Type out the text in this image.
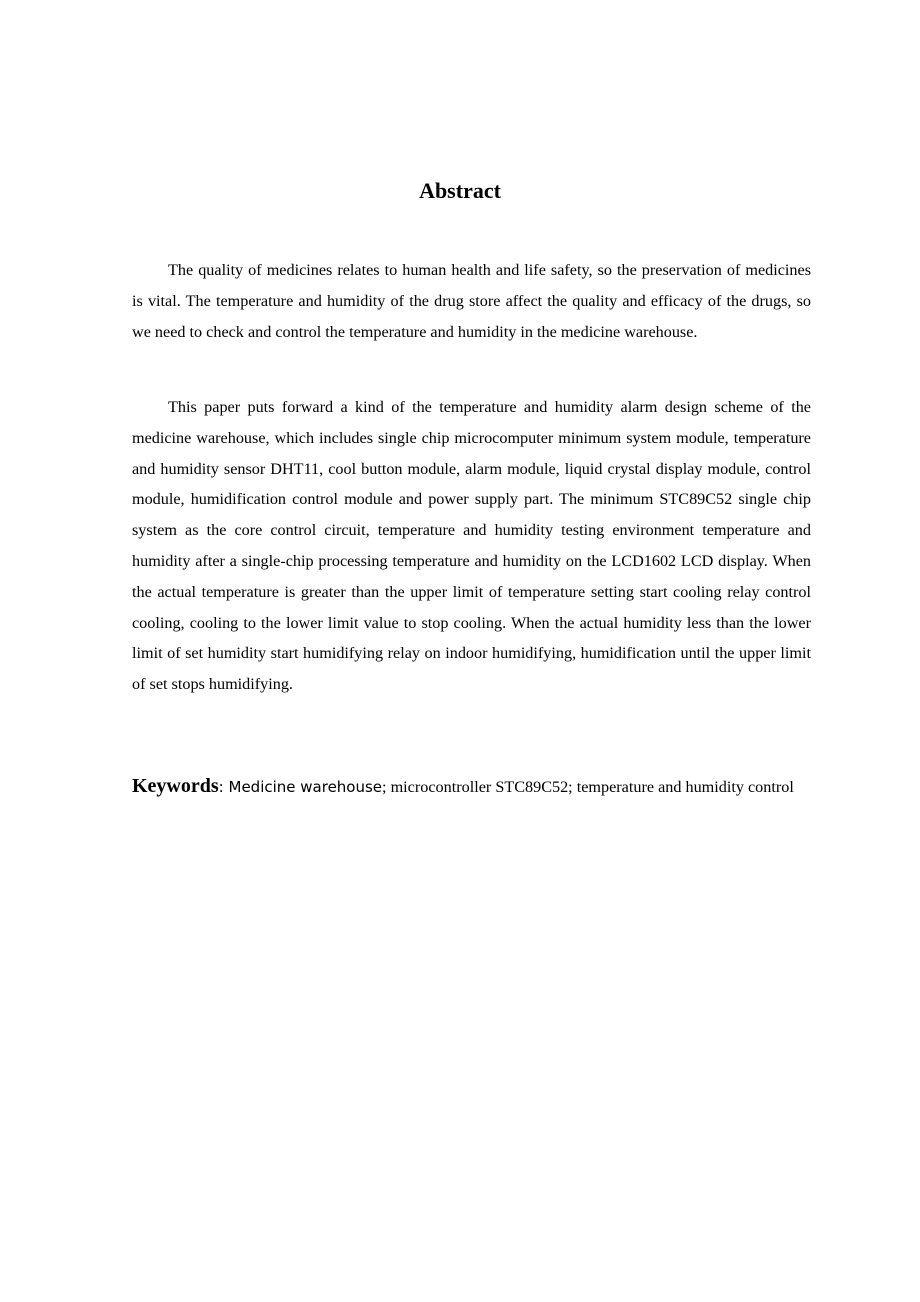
Abstract

The quality of medicines relates to human health and life safety, so the preservation of medicines is vital. The temperature and humidity of the drug store affect the quality and efficacy of the drugs, so we need to check and control the temperature and humidity in the medicine warehouse.

This paper puts forward a kind of the temperature and humidity alarm design scheme of the medicine warehouse, which includes single chip microcomputer minimum system module, temperature and humidity sensor DHT11, cool button module, alarm module, liquid crystal display module, control module, humidification control module and power supply part. The minimum STC89C52 single chip system as the core control circuit, temperature and humidity testing environment temperature and humidity after a single-chip processing temperature and humidity on the LCD1602 LCD display. When the actual temperature is greater than the upper limit of temperature setting start cooling relay control cooling, cooling to the lower limit value to stop cooling. When the actual humidity less than the lower limit of set humidity start humidifying relay on indoor humidifying, humidification until the upper limit of set stops humidifying.

Keywords: Medicine warehouse; microcontroller STC89C52; temperature and humidity control
